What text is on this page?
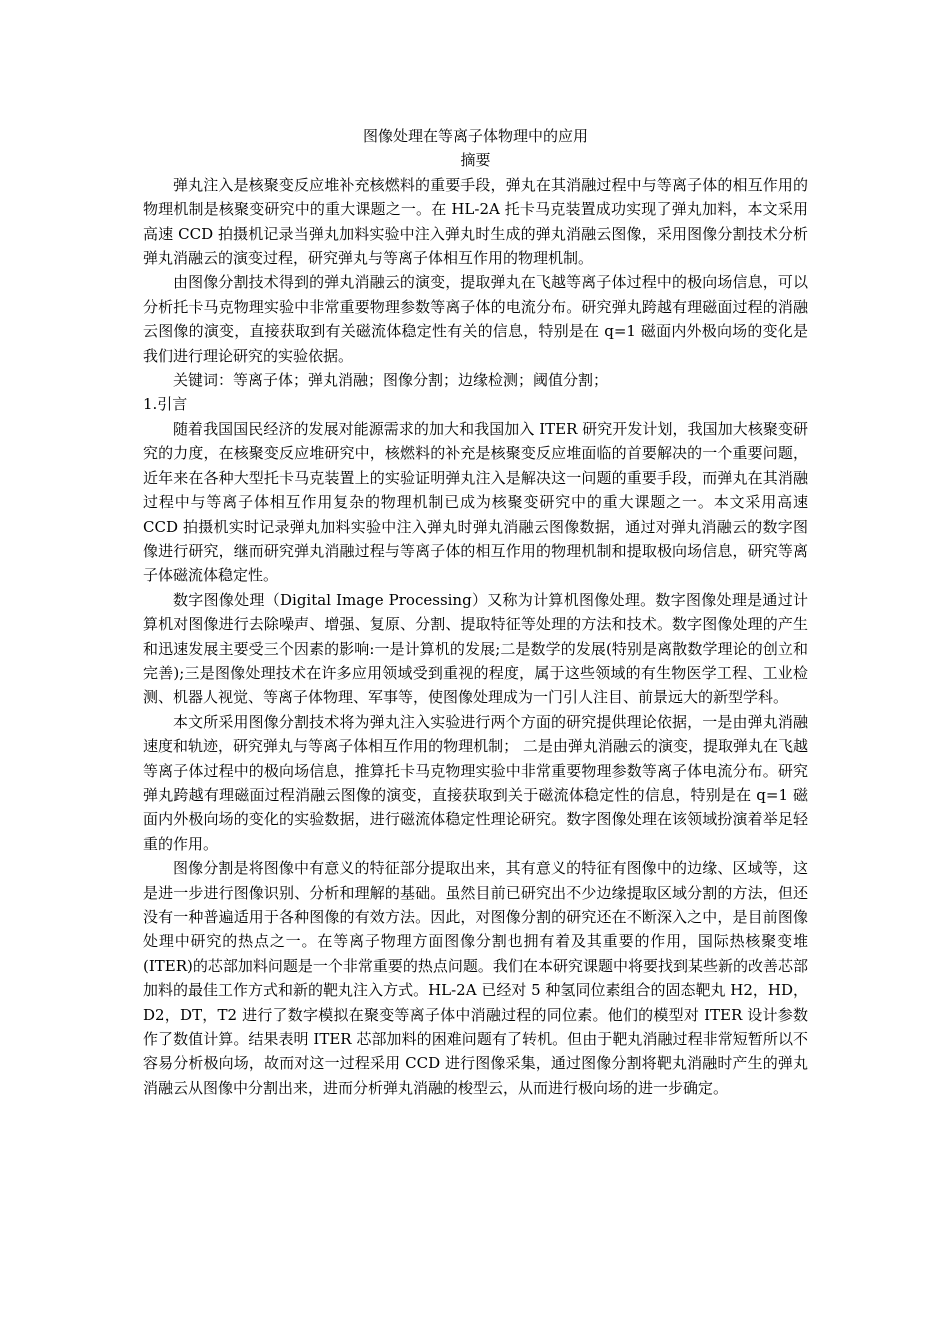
图像处理在等离子体物理中的应用
摘要

弹丸注入是核聚变反应堆补充核燃料的重要手段，弹丸在其消融过程中与等离子体的相互作用的物理机制是核聚变研究中的重大课题之一。在 HL-2A 托卡马克装置成功实现了弹丸加料，本文采用高速 CCD 拍摄机记录当弹丸加料实验中注入弹丸时生成的弹丸消融云图像，采用图像分割技术分析弹丸消融云的演变过程，研究弹丸与等离子体相互作用的物理机制。

由图像分割技术得到的弹丸消融云的演变，提取弹丸在飞越等离子体过程中的极向场信息，可以分析托卡马克物理实验中非常重要物理参数等离子体的电流分布。研究弹丸跨越有理磁面过程的消融云图像的演变，直接获取到有关磁流体稳定性有关的信息，特别是在 q=1 磁面内外极向场的变化是我们进行理论研究的实验依据。

关键词：等离子体；弹丸消融；图像分割；边缘检测；阈值分割；

1.引言

随着我国国民经济的发展对能源需求的加大和我国加入 ITER 研究开发计划，我国加大核聚变研究的力度，在核聚变反应堆研究中，核燃料的补充是核聚变反应堆面临的首要解决的一个重要问题，近年来在各种大型托卡马克装置上的实验证明弹丸注入是解决这一问题的重要手段，而弹丸在其消融过程中与等离子体相互作用复杂的物理机制已成为核聚变研究中的重大课题之一。本文采用高速 CCD 拍摄机实时记录弹丸加料实验中注入弹丸时弹丸消融云图像数据，通过对弹丸消融云的数字图像进行研究，继而研究弹丸消融过程与等离子体的相互作用的物理机制和提取极向场信息，研究等离子体磁流体稳定性。

数字图像处理（Digital Image Processing）又称为计算机图像处理。数字图像处理是通过计算机对图像进行去除噪声、增强、复原、分割、提取特征等处理的方法和技术。数字图像处理的产生和迅速发展主要受三个因素的影响:一是计算机的发展;二是数学的发展(特别是离散数学理论的创立和完善);三是图像处理技术在许多应用领域受到重视的程度，属于这些领域的有生物医学工程、工业检测、机器人视觉、等离子体物理、军事等，使图像处理成为一门引人注目、前景远大的新型学科。

本文所采用图像分割技术将为弹丸注入实验进行两个方面的研究提供理论依据，一是由弹丸消融速度和轨迹，研究弹丸与等离子体相互作用的物理机制； 二是由弹丸消融云的演变，提取弹丸在飞越等离子体过程中的极向场信息，推算托卡马克物理实验中非常重要物理参数等离子体电流分布。研究弹丸跨越有理磁面过程消融云图像的演变，直接获取到关于磁流体稳定性的信息，特别是在 q=1 磁面内外极向场的变化的实验数据，进行磁流体稳定性理论研究。数字图像处理在该领域扮演着举足轻重的作用。

图像分割是将图像中有意义的特征部分提取出来，其有意义的特征有图像中的边缘、区域等，这是进一步进行图像识别、分析和理解的基础。虽然目前已研究出不少边缘提取区域分割的方法，但还没有一种普遍适用于各种图像的有效方法。因此，对图像分割的研究还在不断深入之中，是目前图像处理中研究的热点之一。在等离子物理方面图像分割也拥有着及其重要的作用，国际热核聚变堆(ITER)的芯部加料问题是一个非常重要的热点问题。我们在本研究课题中将要找到某些新的改善芯部加料的最佳工作方式和新的靶丸注入方式。HL-2A 已经对 5 种氢同位素组合的固态靶丸 H2，HD，D2，DT，T2 进行了数字模拟在聚变等离子体中消融过程的同位素。他们的模型对 ITER 设计参数作了数值计算。结果表明 ITER 芯部加料的困难问题有了转机。但由于靶丸消融过程非常短暂所以不容易分析极向场，故而对这一过程采用 CCD 进行图像采集，通过图像分割将靶丸消融时产生的弹丸消融云从图像中分割出来，进而分析弹丸消融的梭型云，从而进行极向场的进一步确定。
